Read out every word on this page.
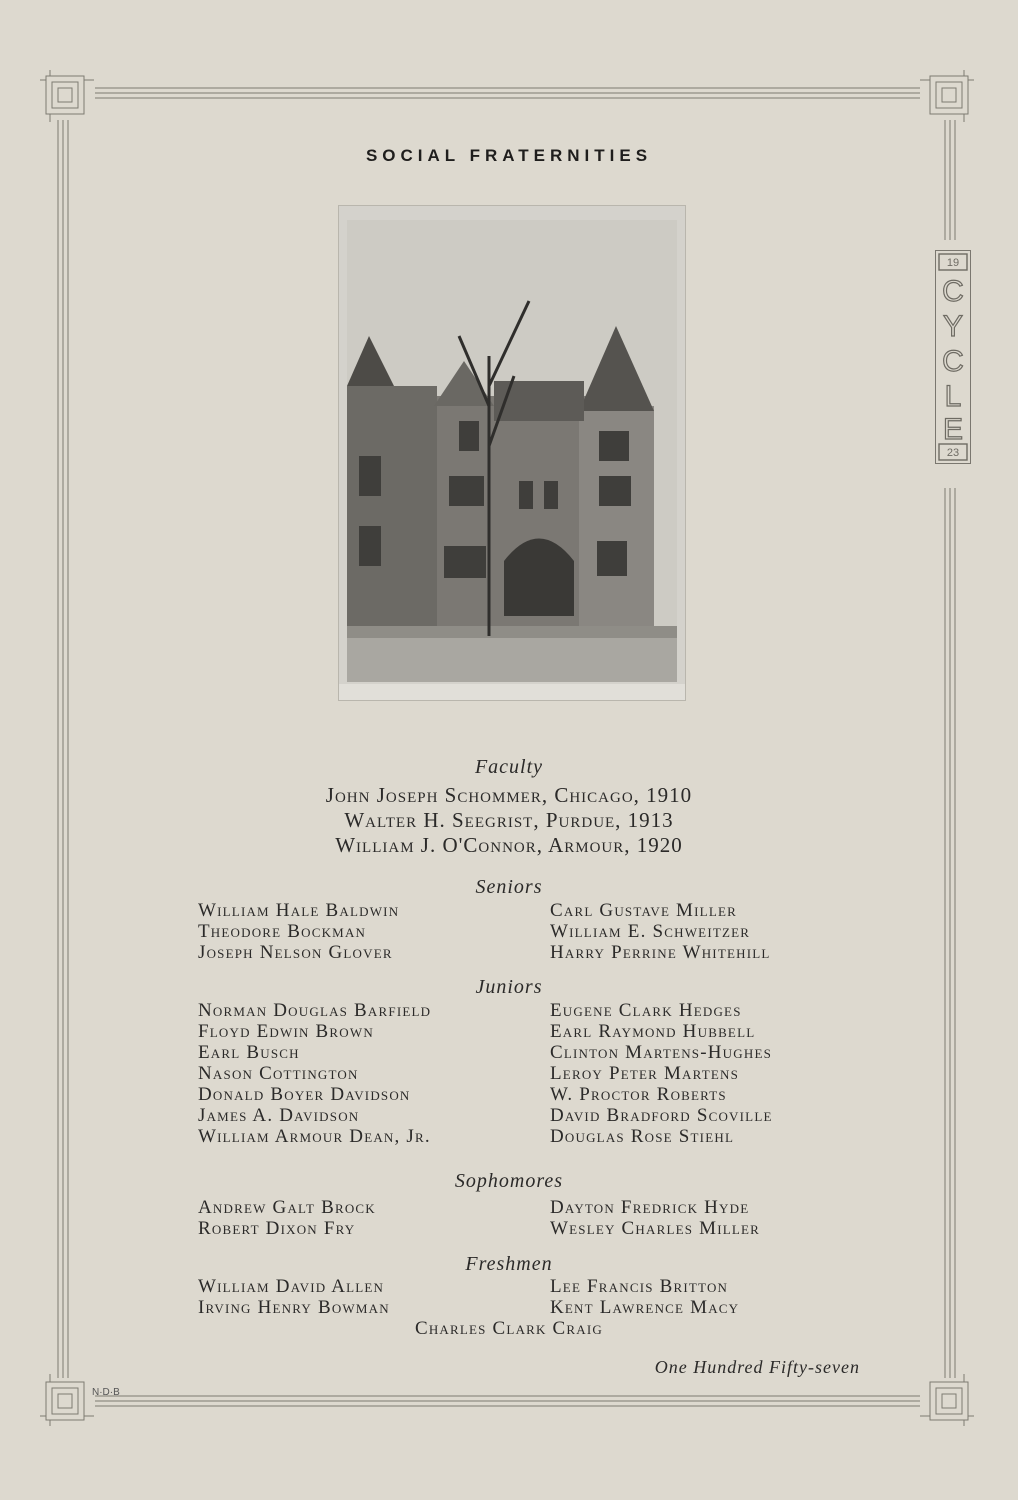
19
23
C
Y
C
L
E
SOCIAL FRATERNITIES
Faculty
John Joseph Schommer, Chicago, 1910
Walter H. Seegrist, Purdue, 1913
William J. O'Connor, Armour, 1920
Seniors
William Hale Baldwin
Theodore Bockman
Joseph Nelson Glover
Carl Gustave Miller
William E. Schweitzer
Harry Perrine Whitehill
Juniors
Norman Douglas Barfield
Floyd Edwin Brown
Earl Busch
Nason Cottington
Donald Boyer Davidson
James A. Davidson
William Armour Dean, Jr.
Eugene Clark Hedges
Earl Raymond Hubbell
Clinton Martens-Hughes
Leroy Peter Martens
W. Proctor Roberts
David Bradford Scoville
Douglas Rose Stiehl
Sophomores
Andrew Galt Brock
Robert Dixon Fry
Dayton Fredrick Hyde
Wesley Charles Miller
Freshmen
William David Allen
Irving Henry Bowman
Lee Francis Britton
Kent Lawrence Macy
Charles Clark Craig
One Hundred Fifty-seven
N·D·B
